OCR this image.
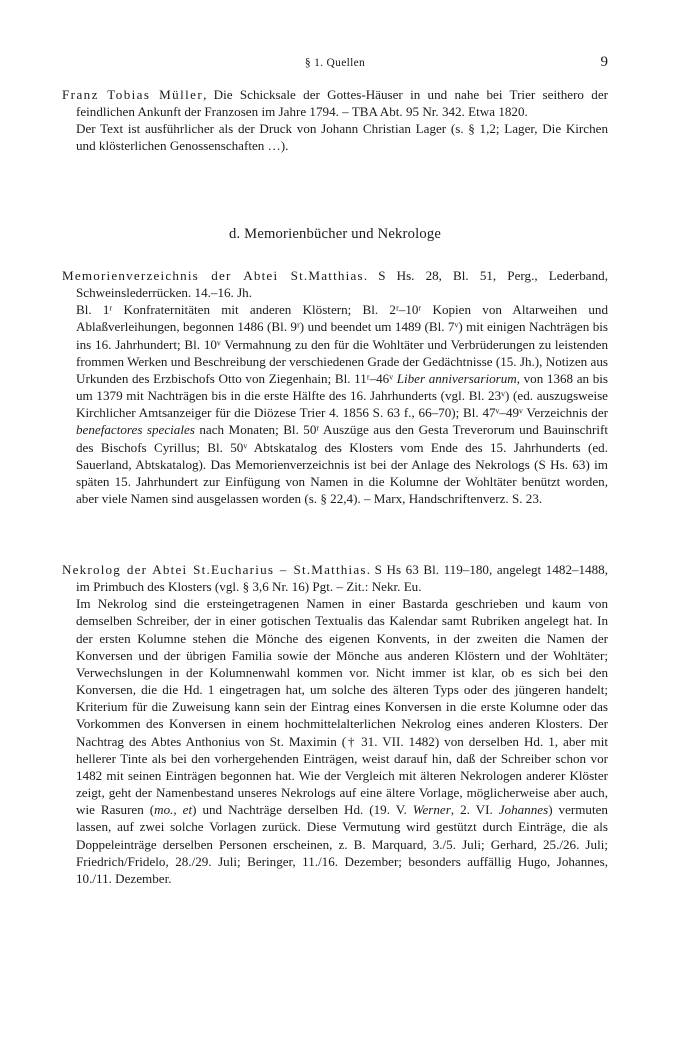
§ 1. Quellen	9

Franz Tobias Müller, Die Schicksale der Gottes-Häuser in und nahe bei Trier seithero der feindlichen Ankunft der Franzosen im Jahre 1794. – TBA Abt. 95 Nr. 342. Etwa 1820.

Der Text ist ausführlicher als der Druck von Johann Christian Lager (s. § 1,2; Lager, Die Kirchen und klösterlichen Genossenschaften …).

d. Memorienbücher und Nekrologe

Memorienverzeichnis der Abtei St.Matthias. S Hs. 28, Bl. 51, Perg., Lederband, Schweinslederrücken. 14.–16. Jh.

Bl. 1ʳ Konfraternitäten mit anderen Klöstern; Bl. 2ʳ–10ʳ Kopien von Altarweihen und Ablaßverleihungen, begonnen 1486 (Bl. 9ʳ) und beendet um 1489 (Bl. 7ᵛ) mit einigen Nachträgen bis ins 16. Jahrhundert; Bl. 10ᵛ Vermahnung zu den für die Wohltäter und Verbrüderungen zu leistenden frommen Werken und Beschreibung der verschiedenen Grade der Gedächtnisse (15. Jh.), Notizen aus Urkunden des Erzbischofs Otto von Ziegenhain; Bl. 11ʳ–46ᵛ Liber anniversariorum, von 1368 an bis um 1379 mit Nachträgen bis in die erste Hälfte des 16. Jahrhunderts (vgl. Bl. 23ᵛ) (ed. auszugsweise Kirchlicher Amtsanzeiger für die Diözese Trier 4. 1856 S. 63 f., 66–70); Bl. 47ᵛ–49ᵛ Verzeichnis der benefactores speciales nach Monaten; Bl. 50ʳ Auszüge aus den Gesta Treverorum und Bauinschrift des Bischofs Cyrillus; Bl. 50ᵛ Abtskatalog des Klosters vom Ende des 15. Jahrhunderts (ed. Sauerland, Abtskatalog). Das Memorienverzeichnis ist bei der Anlage des Nekrologs (S Hs. 63) im späten 15. Jahrhundert zur Einfügung von Namen in die Kolumne der Wohltäter benützt worden, aber viele Namen sind ausgelassen worden (s. § 22,4). – Marx, Handschriftenverz. S. 23.

Nekrolog der Abtei St.Eucharius – St.Matthias. S Hs 63 Bl. 119–180, angelegt 1482–1488, im Primbuch des Klosters (vgl. § 3,6 Nr. 16) Pgt. – Zit.: Nekr. Eu.

Im Nekrolog sind die ersteingetragenen Namen in einer Bastarda geschrieben und kaum von demselben Schreiber, der in einer gotischen Textualis das Kalendar samt Rubriken angelegt hat. In der ersten Kolumne stehen die Mönche des eigenen Konvents, in der zweiten die Namen der Konversen und der übrigen Familia sowie der Mönche aus anderen Klöstern und der Wohltäter; Verwechslungen in der Kolumnenwahl kommen vor. Nicht immer ist klar, ob es sich bei den Konversen, die die Hd. 1 eingetragen hat, um solche des älteren Typs oder des jüngeren handelt; Kriterium für die Zuweisung kann sein der Eintrag eines Konversen in die erste Kolumne oder das Vorkommen des Konversen in einem hochmittelalterlichen Nekrolog eines anderen Klosters. Der Nachtrag des Abtes Anthonius von St. Maximin († 31. VII. 1482) von derselben Hd. 1, aber mit hellerer Tinte als bei den vorhergehenden Einträgen, weist darauf hin, daß der Schreiber schon vor 1482 mit seinen Einträgen begonnen hat. Wie der Vergleich mit älteren Nekrologen anderer Klöster zeigt, geht der Namenbestand unseres Nekrologs auf eine ältere Vorlage, möglicherweise aber auch, wie Rasuren (mo., et) und Nachträge derselben Hd. (19. V. Werner, 2. VI. Johannes) vermuten lassen, auf zwei solche Vorlagen zurück. Diese Vermutung wird gestützt durch Einträge, die als Doppeleinträge derselben Personen erscheinen, z. B. Marquard, 3./5. Juli; Gerhard, 25./26. Juli; Friedrich/Fridelo, 28./29. Juli; Beringer, 11./16. Dezember; besonders auffällig Hugo, Johannes, 10./11. Dezember.
